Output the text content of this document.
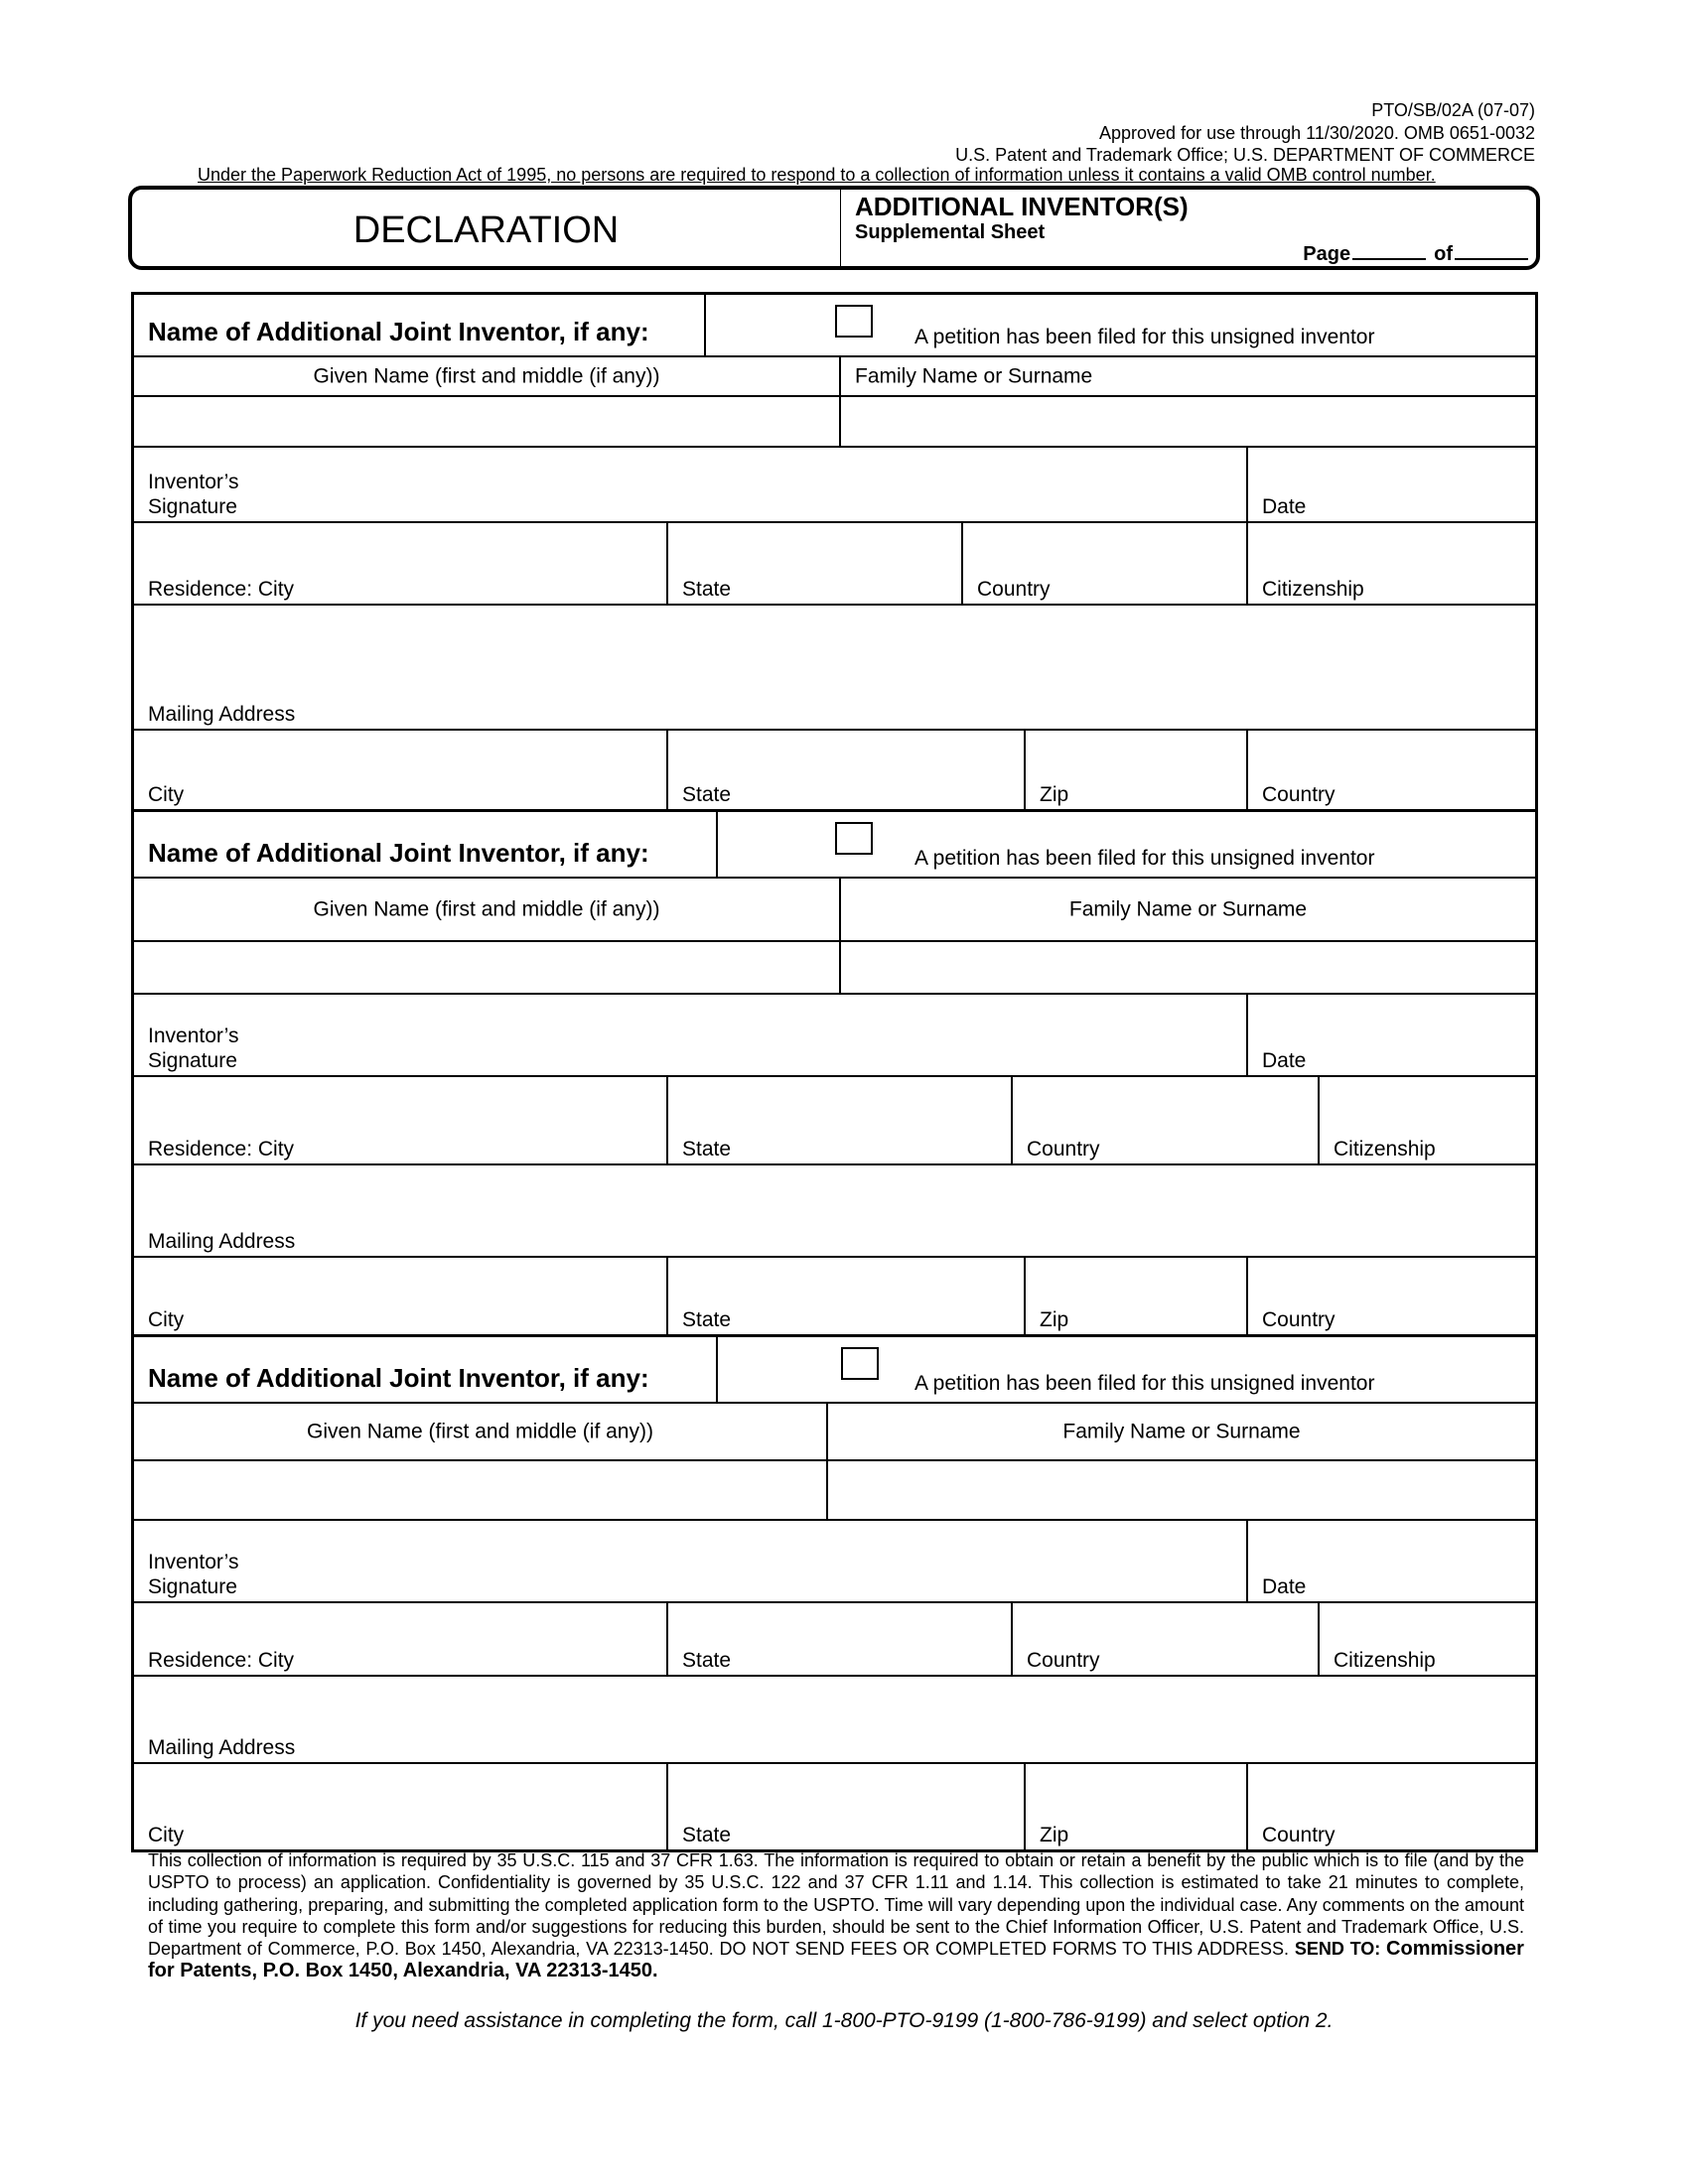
PTO/SB/02A (07-07)
Approved for use through 11/30/2020. OMB 0651-0032
U.S. Patent and Trademark Office; U.S. DEPARTMENT OF COMMERCE
Under the Paperwork Reduction Act of 1995, no persons are required to respond to a collection of information unless it contains a valid OMB control number.
DECLARATION
ADDITIONAL INVENTOR(S)
Supplemental Sheet
Page	of
Name of Additional Joint Inventor, if any:	A petition has been filed for this unsigned inventor
Given Name (first and middle (if any))	Family Name or Surname
Inventor’s
Signature	Date
Residence: City	State	Country	Citizenship
Mailing Address
City	State	Zip	Country
Name of Additional Joint Inventor, if any:	A petition has been filed for this unsigned inventor
Given Name (first and middle (if any))	Family Name or Surname
Inventor’s
Signature	Date
Residence: City	State	Country	Citizenship
Mailing Address
City	State	Zip	Country
Name of Additional Joint Inventor, if any:	A petition has been filed for this unsigned inventor
Given Name (first and middle (if any))	Family Name or Surname
Inventor’s
Signature	Date
Residence: City	State	Country	Citizenship
Mailing Address
City	State	Zip	Country
This collection of information is required by 35 U.S.C. 115 and 37 CFR 1.63. The information is required to obtain or retain a benefit by the public which is to file (and by the USPTO to process) an application. Confidentiality is governed by 35 U.S.C. 122 and 37 CFR 1.11 and 1.14. This collection is estimated to take 21 minutes to complete, including gathering, preparing, and submitting the completed application form to the USPTO. Time will vary depending upon the individual case. Any comments on the amount of time you require to complete this form and/or suggestions for reducing this burden, should be sent to the Chief Information Officer, U.S. Patent and Trademark Office, U.S. Department of Commerce, P.O. Box 1450, Alexandria, VA 22313-1450. DO NOT SEND FEES OR COMPLETED FORMS TO THIS ADDRESS. SEND TO: Commissioner for Patents, P.O. Box 1450, Alexandria, VA 22313-1450.
If you need assistance in completing the form, call 1-800-PTO-9199 (1-800-786-9199) and select option 2.
